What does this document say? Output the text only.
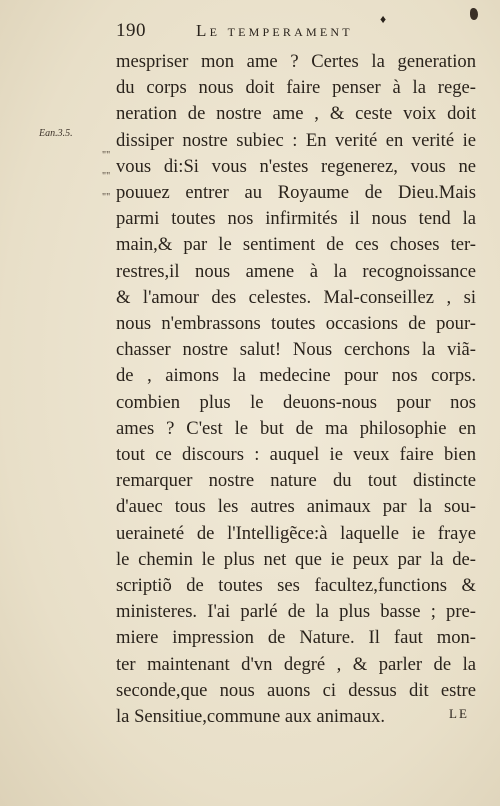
190	Le temperament
♦
Ean.3.5.
""
""
""
mespriser mon ame ? Certes la generation
du corps nous doit faire penser à la rege-
neration de nostre ame , & ceste voix doit
dissiper nostre subiec : En verité en verité ie
vous di:Si vous n'estes regenerez, vous ne
pouuez entrer au Royaume de Dieu.Mais
parmi toutes nos infirmités il nous tend la
main,& par le sentiment de ces choses ter-
restres,il nous amene à la recognoissance
& l'amour des celestes. Mal-conseillez , si
nous n'embrassons toutes occasions de pour-
chasser nostre salut! Nous cerchons la viã-
de , aimons la medecine pour nos corps.
combien plus le deuons-nous pour nos
ames ? C'est le but de ma philosophie en
tout ce discours : auquel ie veux faire bien
remarquer nostre nature du tout distincte
d'auec tous les autres animaux par la sou-
ueraineté de l'Intelligẽce:à laquelle ie fraye
le chemin le plus net que ie peux par la de-
scriptiõ de toutes ses facultez,functions &
ministeres. I'ai parlé de la plus basse ; pre-
miere impression de Nature. Il faut mon-
ter maintenant d'vn degré , & parler de la
seconde,que nous auons ci dessus dit estre
la Sensitiue,commune aux animaux.	LE
